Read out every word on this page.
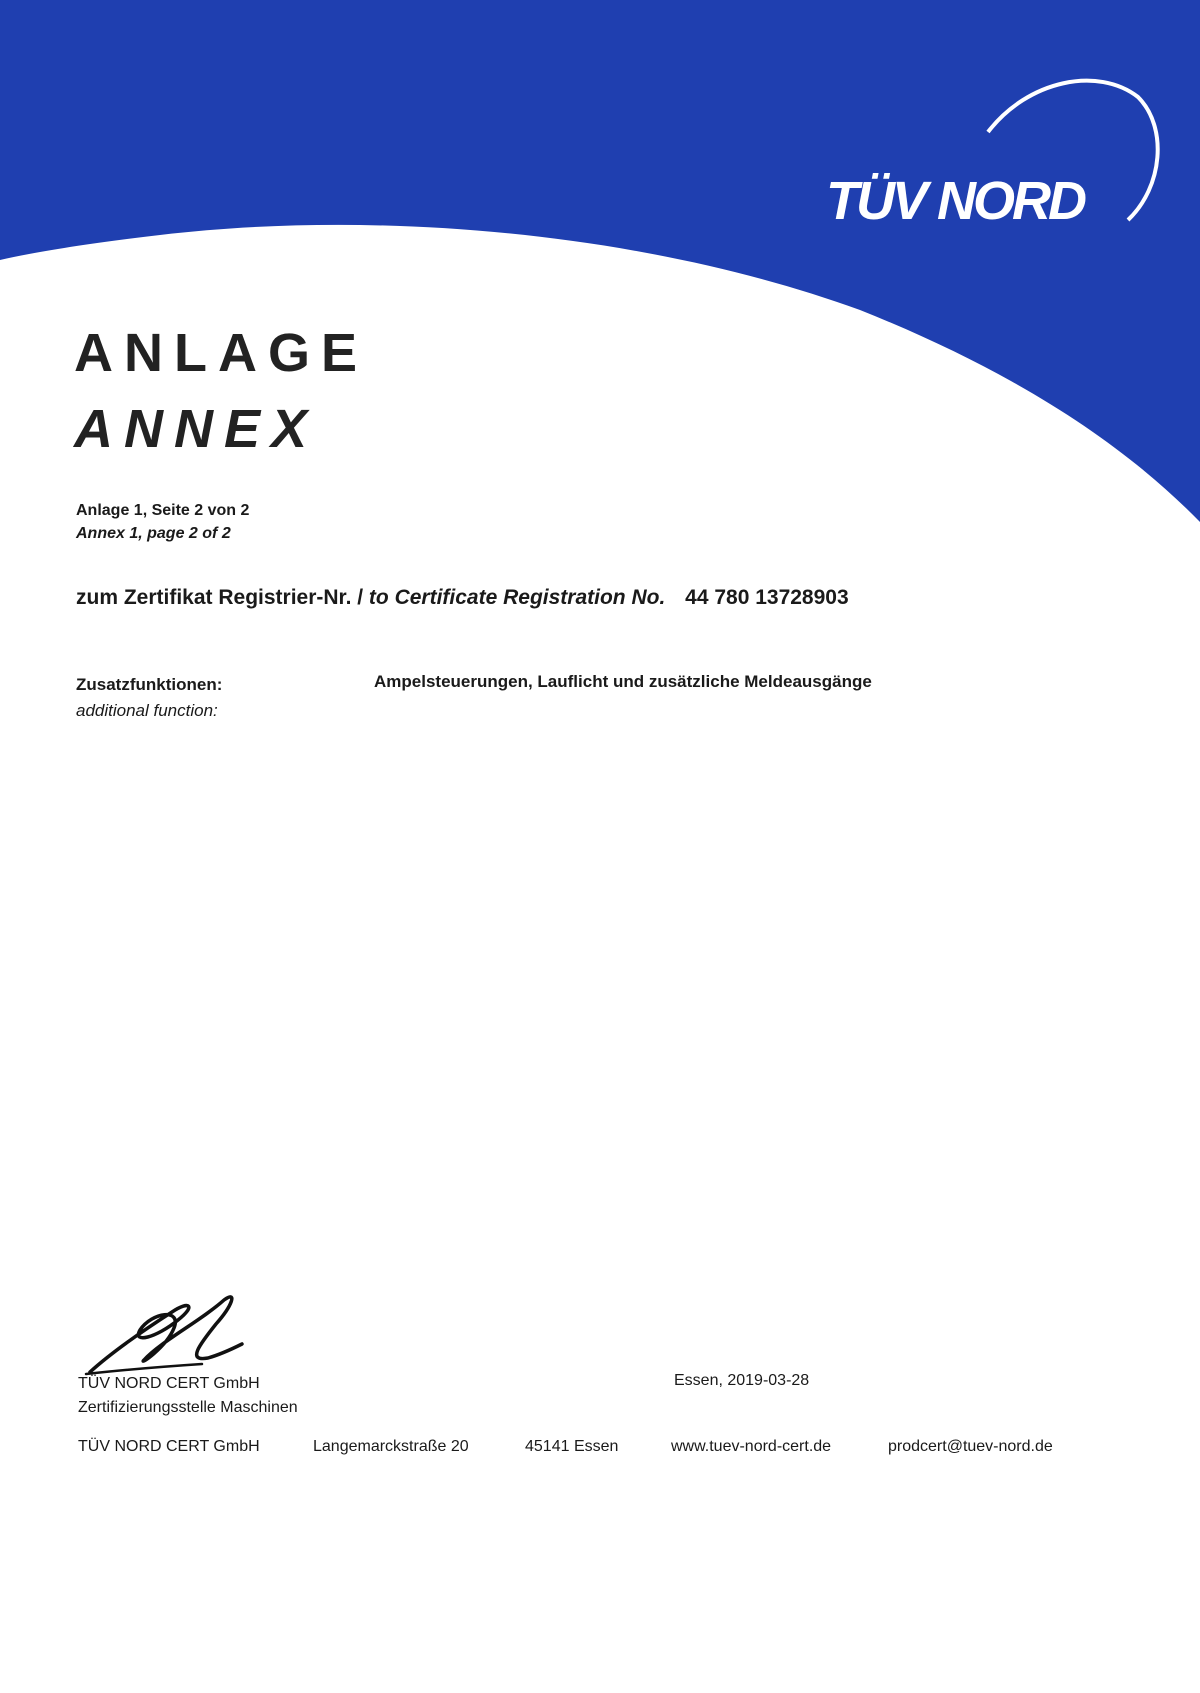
TÜV NORD
ANLAGE
ANNEX
Anlage 1, Seite 2 von 2
Annex 1, page 2 of 2
zum Zertifikat Registrier-Nr. / to Certificate Registration No. 44 780 13728903
Zusatzfunktionen:
additional function:
Ampelsteuerungen, Lauflicht und zusätzliche Meldeausgänge
TÜV NORD CERT GmbH
Zertifizierungsstelle Maschinen
Essen, 2019-03-28
TÜV NORD CERT GmbH	Langemarckstraße 20	45141 Essen	www.tuev-nord-cert.de	prodcert@tuev-nord.de
